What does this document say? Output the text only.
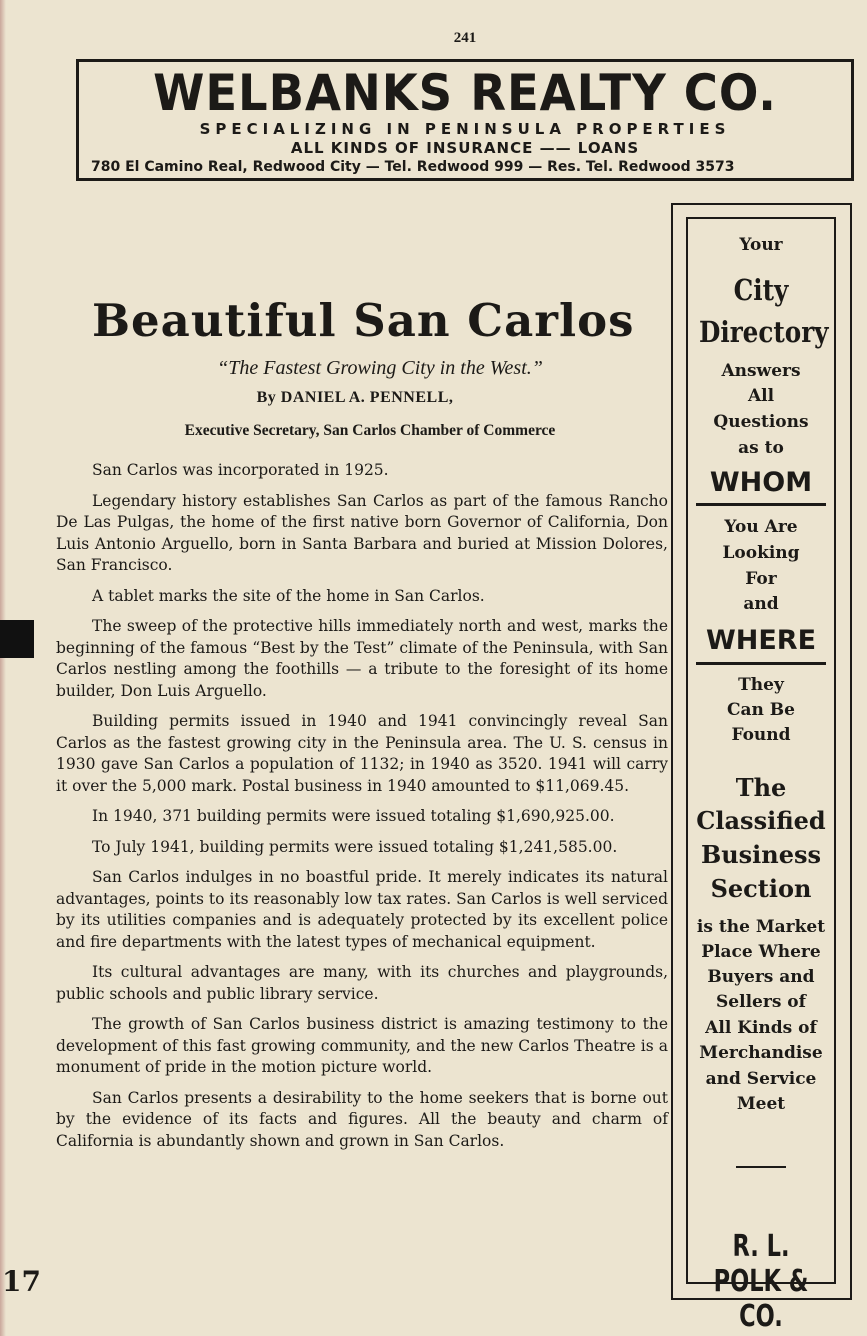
241
WELBANKS REALTY CO.
SPECIALIZING IN PENINSULA PROPERTIES
ALL KINDS OF INSURANCE —— LOANS
780 El Camino Real, Redwood City — Tel. Redwood 999 — Res. Tel. Redwood 3573
Beautiful San Carlos
“The Fastest Growing City in the West.”
By DANIEL A. PENNELL,
Executive Secretary, San Carlos Chamber of Commerce

San Carlos was incorporated in 1925.

Legendary history establishes San Carlos as part of the famous Rancho De Las Pulgas, the home of the first native born Governor of California, Don Luis Antonio Arguello, born in Santa Barbara and buried at Mission Dolores, San Francisco.

A tablet marks the site of the home in San Carlos.

The sweep of the protective hills immediately north and west, marks the beginning of the famous “Best by the Test” climate of the Peninsula, with San Carlos nestling among the foothills — a tribute to the foresight of its home builder, Don Luis Arguello.

Building permits issued in 1940 and 1941 convincingly reveal San Carlos as the fastest growing city in the Peninsula area. The U. S. census in 1930 gave San Carlos a population of 1132; in 1940 as 3520. 1941 will carry it over the 5,000 mark. Postal business in 1940 amounted to $11,069.45.

In 1940, 371 building permits were issued totaling $1,690,925.00.

To July 1941, building permits were issued totaling $1,241,585.00.

San Carlos indulges in no boastful pride. It merely indicates its natural advantages, points to its reasonably low tax rates. San Carlos is well serviced by its utilities companies and is adequately protected by its excellent police and fire departments with the latest types of mechanical equipment.

Its cultural advantages are many, with its churches and playgrounds, public schools and public library service.

The growth of San Carlos business district is amazing testimony to the development of this fast growing community, and the new Carlos Theatre is a monument of pride in the motion picture world.

San Carlos presents a desirability to the home seekers that is borne out by the evidence of its facts and figures. All the beauty and charm of California is abundantly shown and grown in San Carlos.

Your
City
Directory
Answers
All
Questions
as to
WHOM
You Are
Looking
For
and
WHERE
They
Can Be
Found
The
Classified
Business
Section
is the Market
Place Where
Buyers and
Sellers of
All Kinds of
Merchandise
and Service
Meet
R. L. POLK & CO.
17
